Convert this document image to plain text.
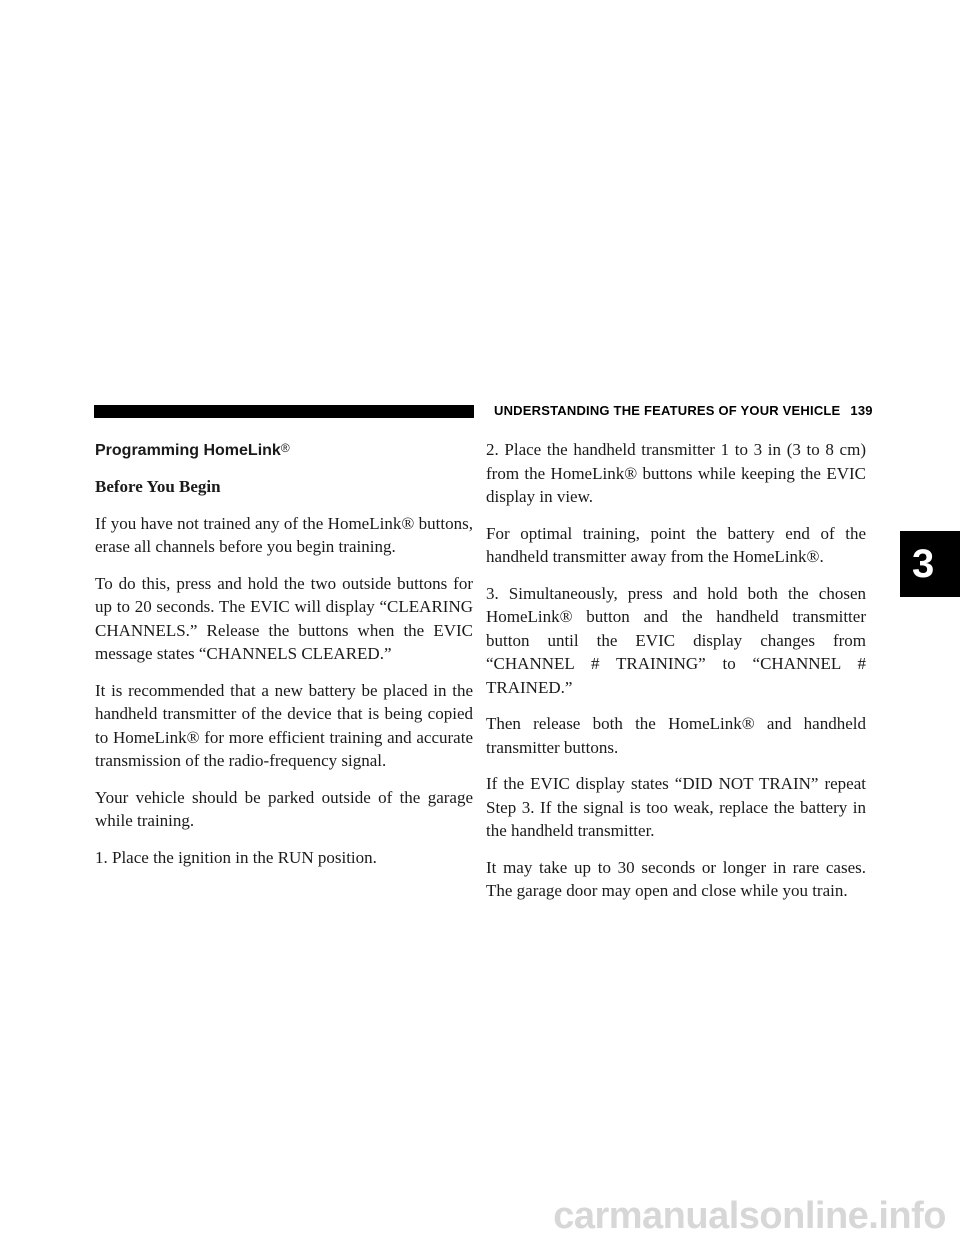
UNDERSTANDING THE FEATURES OF YOUR VEHICLE 139
Programming HomeLink®

Before You Begin

If you have not trained any of the HomeLink® buttons, erase all channels before you begin training.

To do this, press and hold the two outside buttons for up to 20 seconds. The EVIC will display “CLEARING CHANNELS.” Release the buttons when the EVIC message states “CHANNELS CLEARED.”

It is recommended that a new battery be placed in the handheld transmitter of the device that is being copied to HomeLink® for more efficient training and accurate transmission of the radio-frequency signal.

Your vehicle should be parked outside of the garage while training.

1. Place the ignition in the RUN position.

2. Place the handheld transmitter 1 to 3 in (3 to 8 cm) from the HomeLink® buttons while keeping the EVIC display in view.

For optimal training, point the battery end of the handheld transmitter away from the HomeLink®.

3. Simultaneously, press and hold both the chosen HomeLink® button and the handheld transmitter button until the EVIC display changes from “CHANNEL # TRAINING” to “CHANNEL # TRAINED.”

Then release both the HomeLink® and handheld transmitter buttons.

If the EVIC display states “DID NOT TRAIN” repeat Step 3. If the signal is too weak, replace the battery in the handheld transmitter.

It may take up to 30 seconds or longer in rare cases. The garage door may open and close while you train.

3
carmanualsonline.info
